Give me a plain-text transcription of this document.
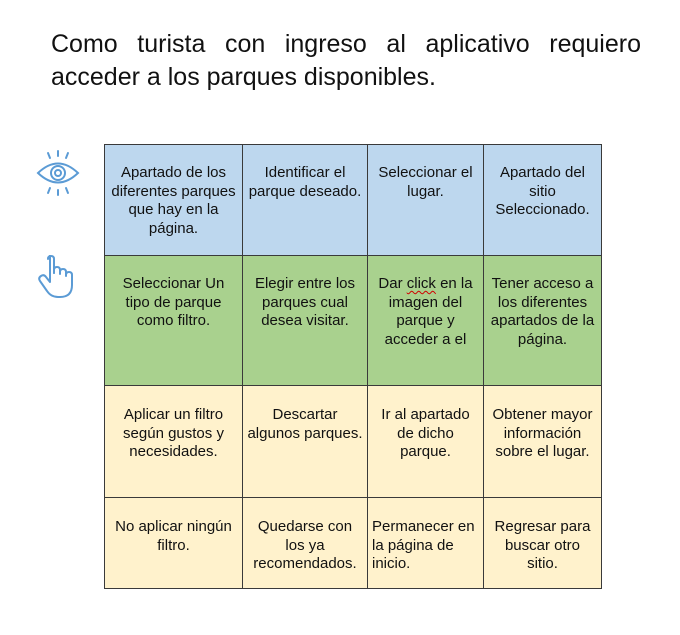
Como turista con ingreso al aplicativo requiero acceder a los parques disponibles.
Apartado de los diferentes parques que hay en la página.	Identificar el parque deseado.	Seleccionar el lugar.	Apartado del sitio Seleccionado.
Seleccionar Un tipo de parque como filtro.	Elegir entre los parques cual desea visitar.	Dar click en la imagen del parque y acceder a el	Tener acceso a los diferentes apartados de la página.
Aplicar un filtro según gustos y necesidades.	Descartar algunos parques.	Ir al apartado de dicho parque.	Obtener mayor información sobre el lugar.
No aplicar ningún filtro.	Quedarse con los ya recomendados.	Permanecer en la página de inicio.	Regresar para buscar otro sitio.
